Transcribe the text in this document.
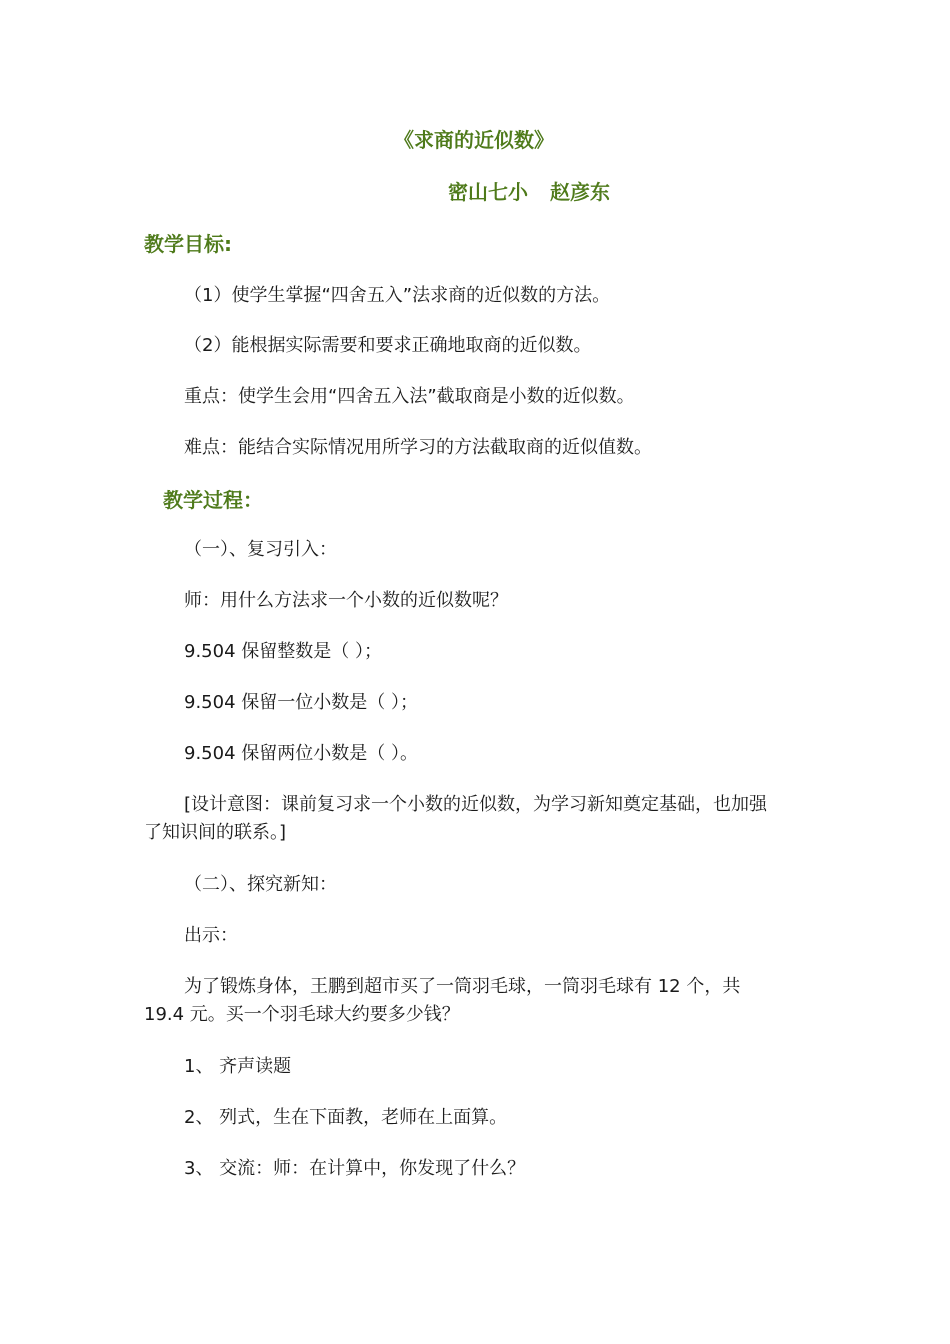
《求商的近似数》
密山七小 赵彦东
教学目标:
（1）使学生掌握“四舍五入”法求商的近似数的方法。
（2）能根据实际需要和要求正确地取商的近似数。
重点：使学生会用“四舍五入法”截取商是小数的近似数。
难点：能结合实际情况用所学习的方法截取商的近似值数。
教学过程：
（一）、复习引入：
师：用什么方法求一个小数的近似数呢？
9.504 保留整数是（ ）；
9.504 保留一位小数是（ ）；
9.504 保留两位小数是（ ）。
[设计意图：课前复习求一个小数的近似数，为学习新知奠定基础，也加强
了知识间的联系。]
（二）、探究新知：
出示：
为了锻炼身体，王鹏到超市买了一筒羽毛球，一筒羽毛球有 12 个，共
19.4 元。买一个羽毛球大约要多少钱？
1、 齐声读题
2、 列式，生在下面教，老师在上面算。
3、 交流：师：在计算中，你发现了什么？
